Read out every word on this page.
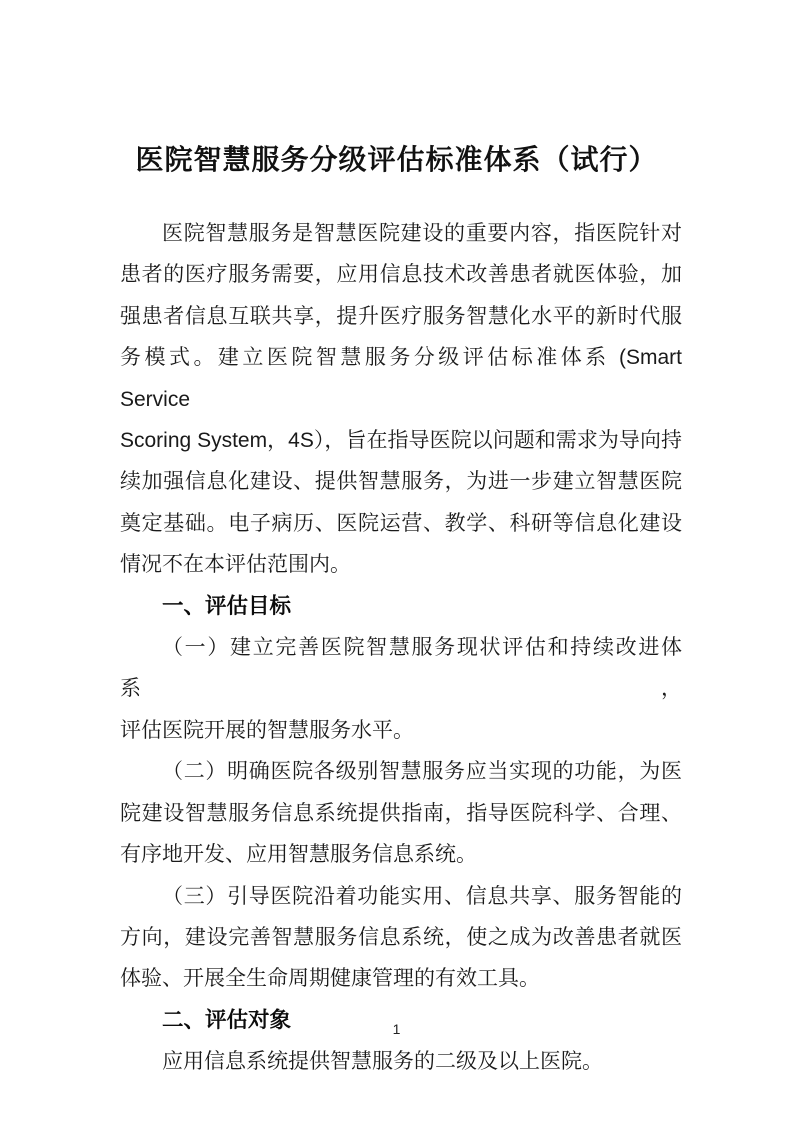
医院智慧服务分级评估标准体系（试行）
医院智慧服务是智慧医院建设的重要内容，指医院针对
患者的医疗服务需要，应用信息技术改善患者就医体验，加
强患者信息互联共享，提升医疗服务智慧化水平的新时代服
务模式。建立医院智慧服务分级评估标准体系 (Smart Service
Scoring System，4S），旨在指导医院以问题和需求为导向持
续加强信息化建设、提供智慧服务，为进一步建立智慧医院
奠定基础。电子病历、医院运营、教学、科研等信息化建设
情况不在本评估范围内。
一、评估目标
（一）建立完善医院智慧服务现状评估和持续改进体系，
评估医院开展的智慧服务水平。
（二）明确医院各级别智慧服务应当实现的功能，为医
院建设智慧服务信息系统提供指南，指导医院科学、合理、
有序地开发、应用智慧服务信息系统。
（三）引导医院沿着功能实用、信息共享、服务智能的
方向，建设完善智慧服务信息系统，使之成为改善患者就医
体验、开展全生命周期健康管理的有效工具。
二、评估对象
应用信息系统提供智慧服务的二级及以上医院。
1
